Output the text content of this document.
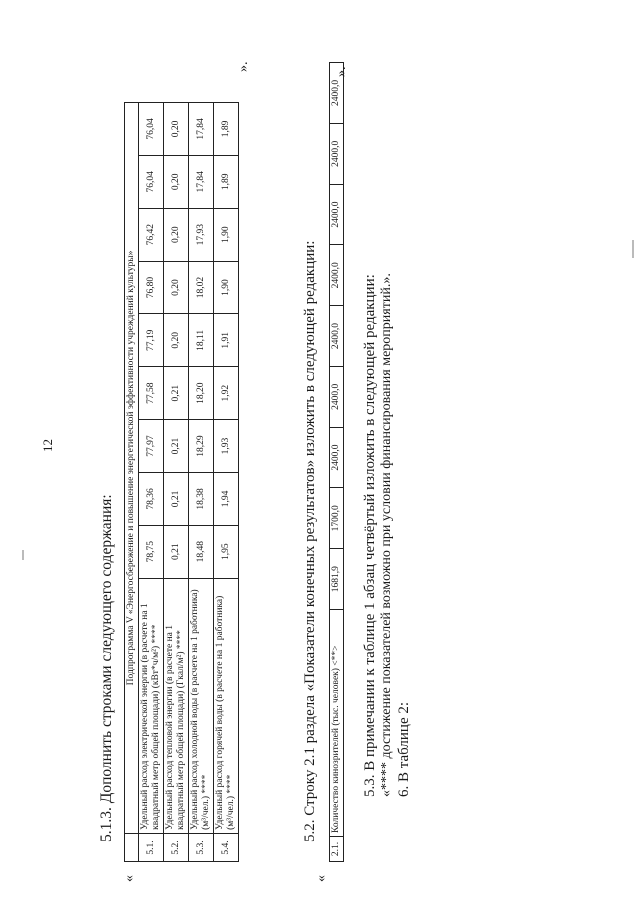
12
5.1.3. Дополнить строками следующего содержания:
«
	Подпрограмма V «Энергосбережение и повышение энергетической эффективности учреждений культуры»									
5.1.	Удельный расход электрической энергии (в расчете на 1 квадратный метр общей площади) (кВт*ч/м²) ****	78,75	78,36	77,97	77,58	77,19	76,80	76,42	76,04	76,04
5.2.	Удельный расход тепловой энергии (в расчете на 1 квадратный метр общей площади) (Гкал/м²) ****	0,21	0,21	0,21	0,21	0,20	0,20	0,20	0,20	0,20
5.3.	Удельный расход холодной воды (в расчете на 1 работника) (м³/чел.) ****	18,48	18,38	18,29	18,20	18,11	18,02	17,93	17,84	17,84
5.4.	Удельный расход горячей воды (в расчете на 1 работника) (м³/чел.) ****	1,95	1,94	1,93	1,92	1,91	1,90	1,90	1,89	1,89
».
5.2. Строку 2.1 раздела «Показатели конечных результатов» изложить в следующей редакции:
«
2.1.	Количество кинозрителей (тыс. человек) <**>	1681,9	1700,0	2400,0	2400,0	2400,0	2400,0	2400,0	2400,0	2400,0
».
5.3. В примечании к таблице 1 абзац четвёртый изложить в следующей редакции: «**** достижение показателей возможно при условии финансирования мероприятий.». 6. В таблице 2:
